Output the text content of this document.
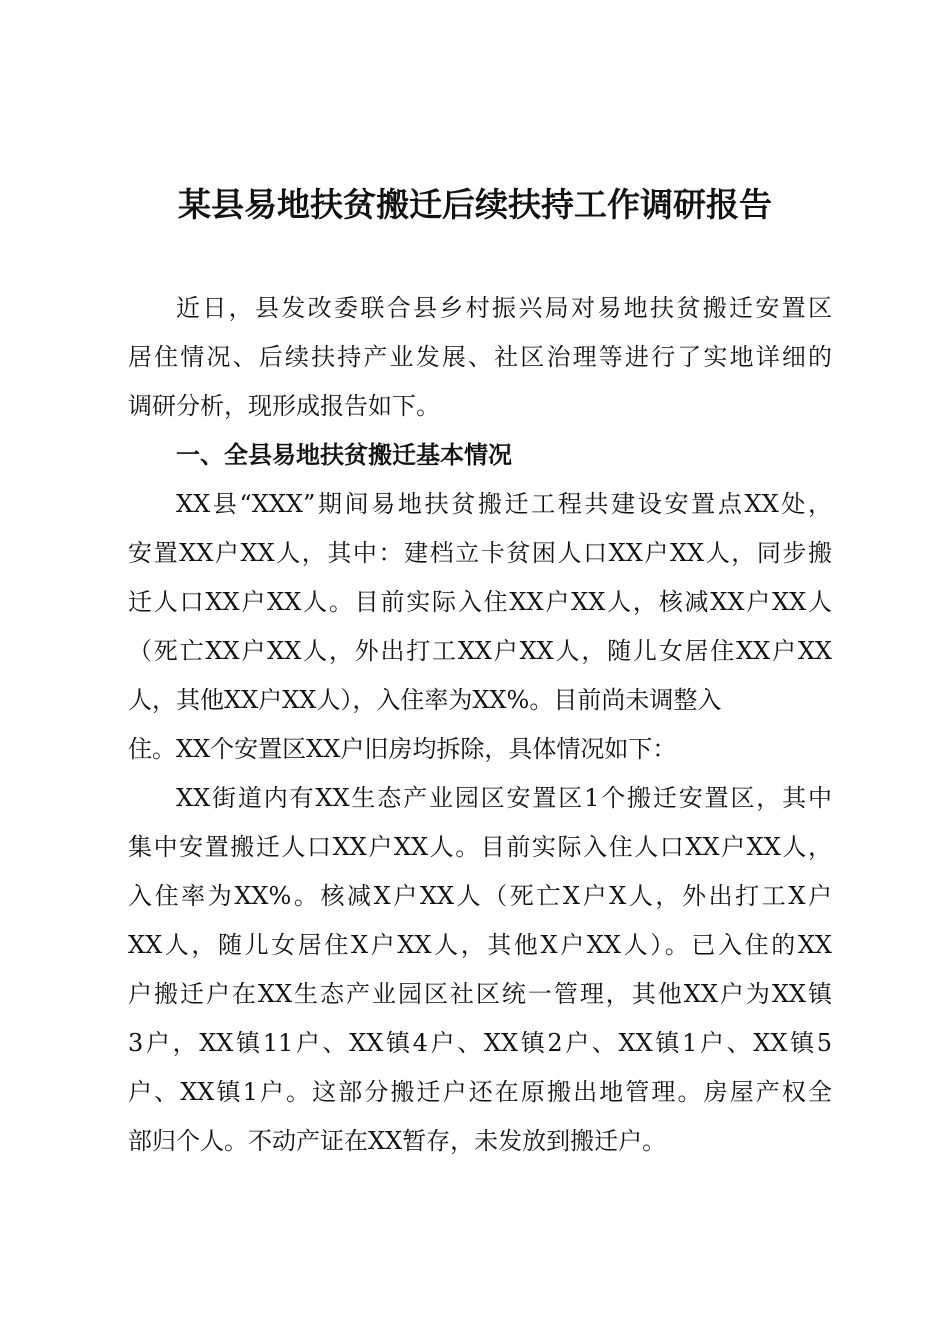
某县易地扶贫搬迁后续扶持工作调研报告
近日，县发改委联合县乡村振兴局对易地扶贫搬迁安置区
居住情况、后续扶持产业发展、社区治理等进行了实地详细的
调研分析，现形成报告如下。
一、全县易地扶贫搬迁基本情况
XX县“XXX”期间易地扶贫搬迁工程共建设安置点XX处，
安置XX户XX人，其中：建档立卡贫困人口XX户XX人，同步搬
迁人口XX户XX人。目前实际入住XX户XX人，核减XX户XX人
（死亡XX户XX人，外出打工XX户XX人，随儿女居住XX户XX
人，其他XX户XX人），入住率为XX%。目前尚未调整入
住。XX个安置区XX户旧房均拆除，具体情况如下：
XX街道内有XX生态产业园区安置区1个搬迁安置区，其中
集中安置搬迁人口XX户XX人。目前实际入住人口XX户XX人，
入住率为XX%。核减X户XX人（死亡X户X人，外出打工X户
XX人，随儿女居住X户XX人，其他X户XX人）。已入住的XX
户搬迁户在XX生态产业园区社区统一管理，其他XX户为XX镇
3户，XX镇11户、XX镇4户、XX镇2户、XX镇1户、XX镇5
户、XX镇1户。这部分搬迁户还在原搬出地管理。房屋产权全
部归个人。不动产证在XX暂存，未发放到搬迁户。
